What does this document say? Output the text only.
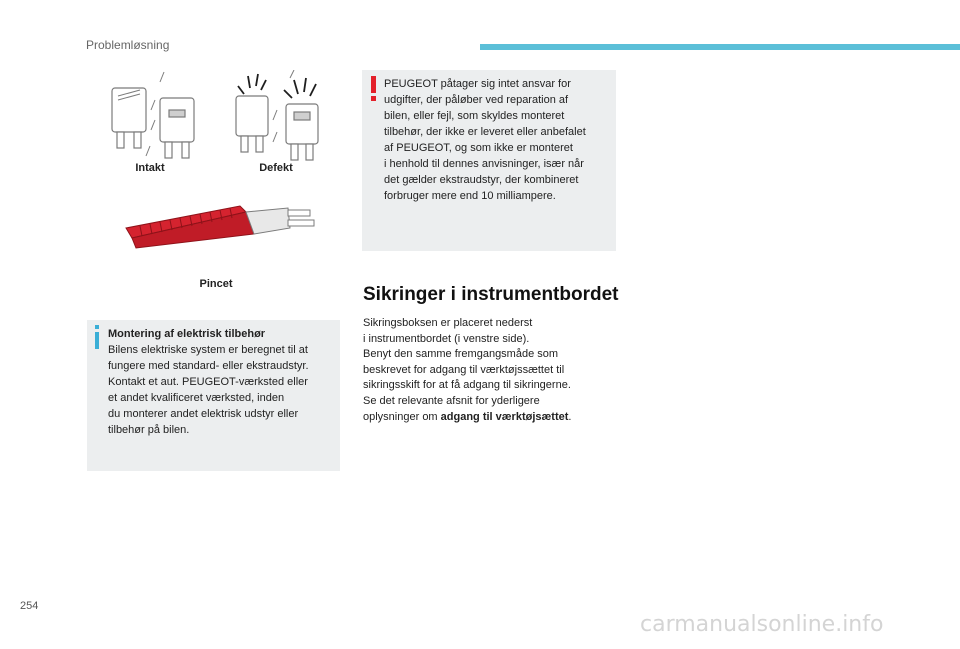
Problemløsning
Intakt	Defekt
Pincet
Montering af elektrisk tilbehør
Bilens elektriske system er beregnet til at
fungere med standard- eller ekstraudstyr.
Kontakt et aut. PEUGEOT-værksted eller
et andet kvalificeret værksted, inden
du monterer andet elektrisk udstyr eller
tilbehør på bilen.
PEUGEOT påtager sig intet ansvar for
udgifter, der påløber ved reparation af
bilen, eller fejl, som skyldes monteret
tilbehør, der ikke er leveret eller anbefalet
af PEUGEOT, og som ikke er monteret
i henhold til dennes anvisninger, især når
det gælder ekstraudstyr, der kombineret
forbruger mere end 10 milliampere.
Sikringer i instrumentbordet
Sikringsboksen er placeret nederst
i instrumentbordet (i venstre side).
Benyt den samme fremgangsmåde som
beskrevet for adgang til værktøjssættet til
sikringsskift for at få adgang til sikringerne.
Se det relevante afsnit for yderligere
oplysninger om adgang til værktøjsættet.
254
carmanualsonline.info
